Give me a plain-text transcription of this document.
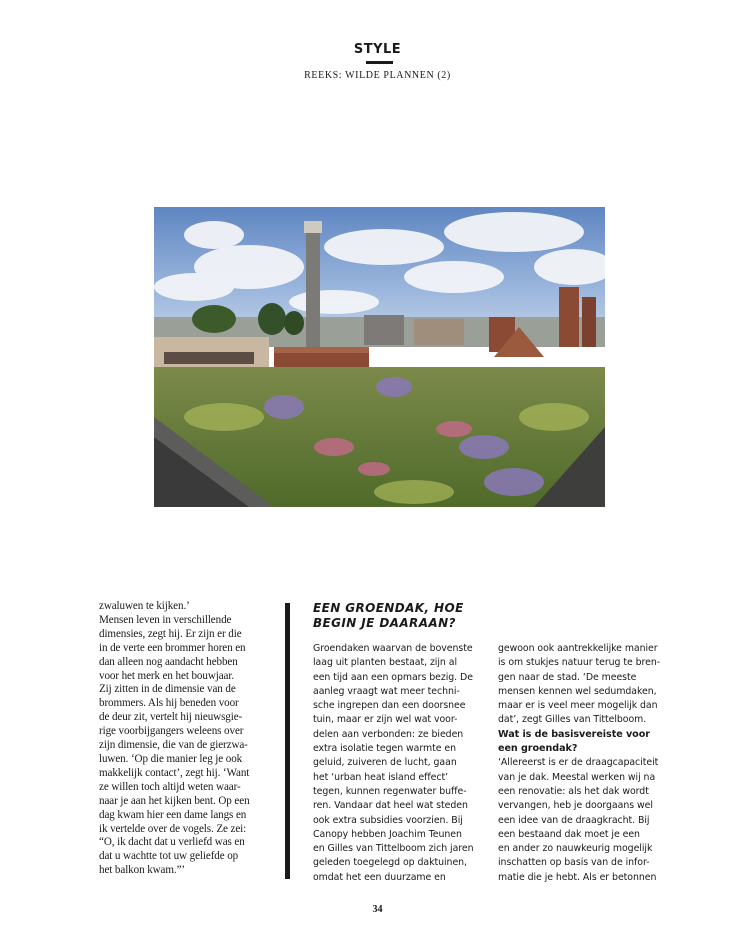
STYLE
REEKS: WILDE PLANNEN (2)

zwaluwen te kijken.’

Mensen leven in verschillende

dimensies, zegt hij. Er zijn er die

in de verte een brommer horen en

dan alleen nog aandacht hebben

voor het merk en het bouwjaar.

Zij zitten in de dimensie van de

brommers. Als hij beneden voor

de deur zit, vertelt hij nieuwsgie-

rige voorbijgangers weleens over

zijn dimensie, die van de gierzwa-

luwen. ‘Op die manier leg je ook

makkelijk contact’, zegt hij. ‘Want

ze willen toch altijd weten waar-

naar je aan het kijken bent. Op een

dag kwam hier een dame langs en

ik vertelde over de vogels. Ze zei:

“O, ik dacht dat u verliefd was en

dat u wachtte tot uw geliefde op

het balkon kwam.”’

EEN GROENDAK, HOE
BEGIN JE DAARAAN?

Groendaken waarvan de bovenste

laag uit planten bestaat, zijn al

een tijd aan een opmars bezig. De

aanleg vraagt wat meer techni-

sche ingrepen dan een doorsnee

tuin, maar er zijn wel wat voor-

delen aan verbonden: ze bieden

extra isolatie tegen warmte en

geluid, zuiveren de lucht, gaan

het ‘urban heat island effect’

tegen, kunnen regenwater buffe-

ren. Vandaar dat heel wat steden

ook extra subsidies voorzien. Bij

Canopy hebben Joachim Teunen

en Gilles van Tittelboom zich jaren

geleden toegelegd op daktuinen,

omdat het een duurzame en

gewoon ook aantrekkelijke manier

is om stukjes natuur terug te bren-

gen naar de stad. ‘De meeste

mensen kennen wel sedumdaken,

maar er is veel meer mogelijk dan

dat’, zegt Gilles van Tittelboom.

Wat is de basisvereiste voor

een groendak?

‘Allereerst is er de draagcapaciteit

van je dak. Meestal werken wij na

een renovatie: als het dak wordt

vervangen, heb je doorgaans wel

een idee van de draagkracht. Bij

een bestaand dak moet je een

en ander zo nauwkeurig mogelijk

inschatten op basis van de infor-

matie die je hebt. Als er betonnen

34
